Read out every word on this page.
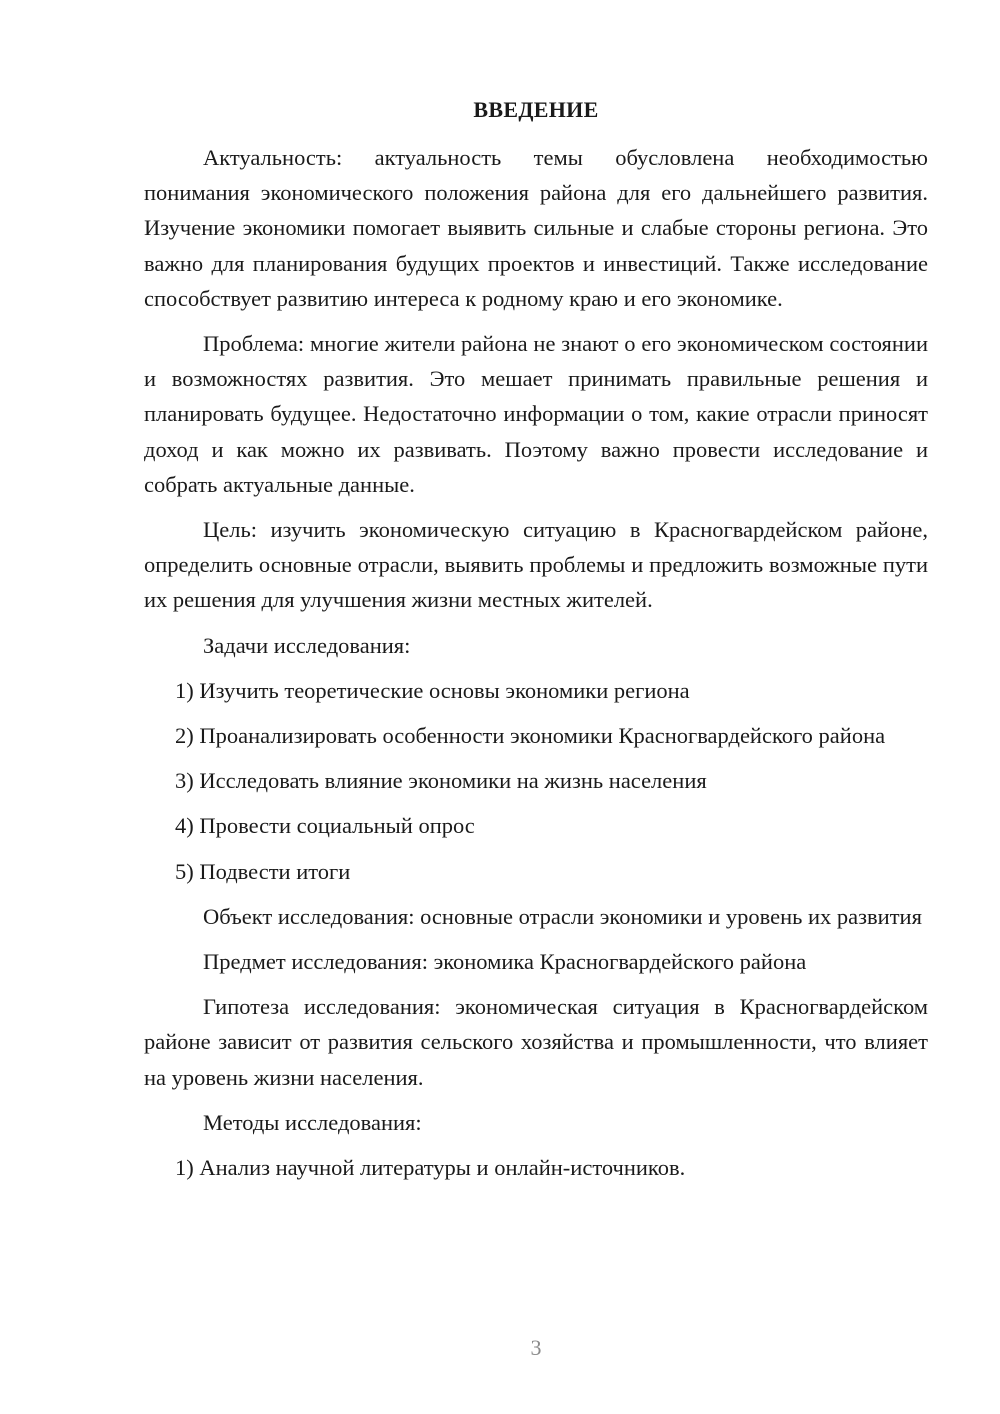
ВВЕДЕНИЕ

Актуальность: актуальность темы обусловлена необходимостью понимания экономического положения района для его дальнейшего развития. Изучение экономики помогает выявить сильные и слабые стороны региона. Это важно для планирования будущих проектов и инвестиций. Также исследование способствует развитию интереса к родному краю и его экономике.

Проблема: многие жители района не знают о его экономическом состоянии и возможностях развития. Это мешает принимать правильные решения и планировать будущее. Недостаточно информации о том, какие отрасли приносят доход и как можно их развивать. Поэтому важно провести исследование и собрать актуальные данные.

Цель: изучить экономическую ситуацию в Красногвардейском районе, определить основные отрасли, выявить проблемы и предложить возможные пути их решения для улучшения жизни местных жителей.

Задачи исследования:

1) Изучить теоретические основы экономики региона

2) Проанализировать особенности экономики Красногвардейского района

3) Исследовать влияние экономики на жизнь населения

4) Провести социальный опрос

5) Подвести итоги

Объект исследования: основные отрасли экономики и уровень их развития

Предмет исследования: экономика Красногвардейского района

Гипотеза исследования: экономическая ситуация в Красногвардейском районе зависит от развития сельского хозяйства и промышленности, что влияет на уровень жизни населения.

Методы исследования:

1) Анализ научной литературы и онлайн-источников.

3
